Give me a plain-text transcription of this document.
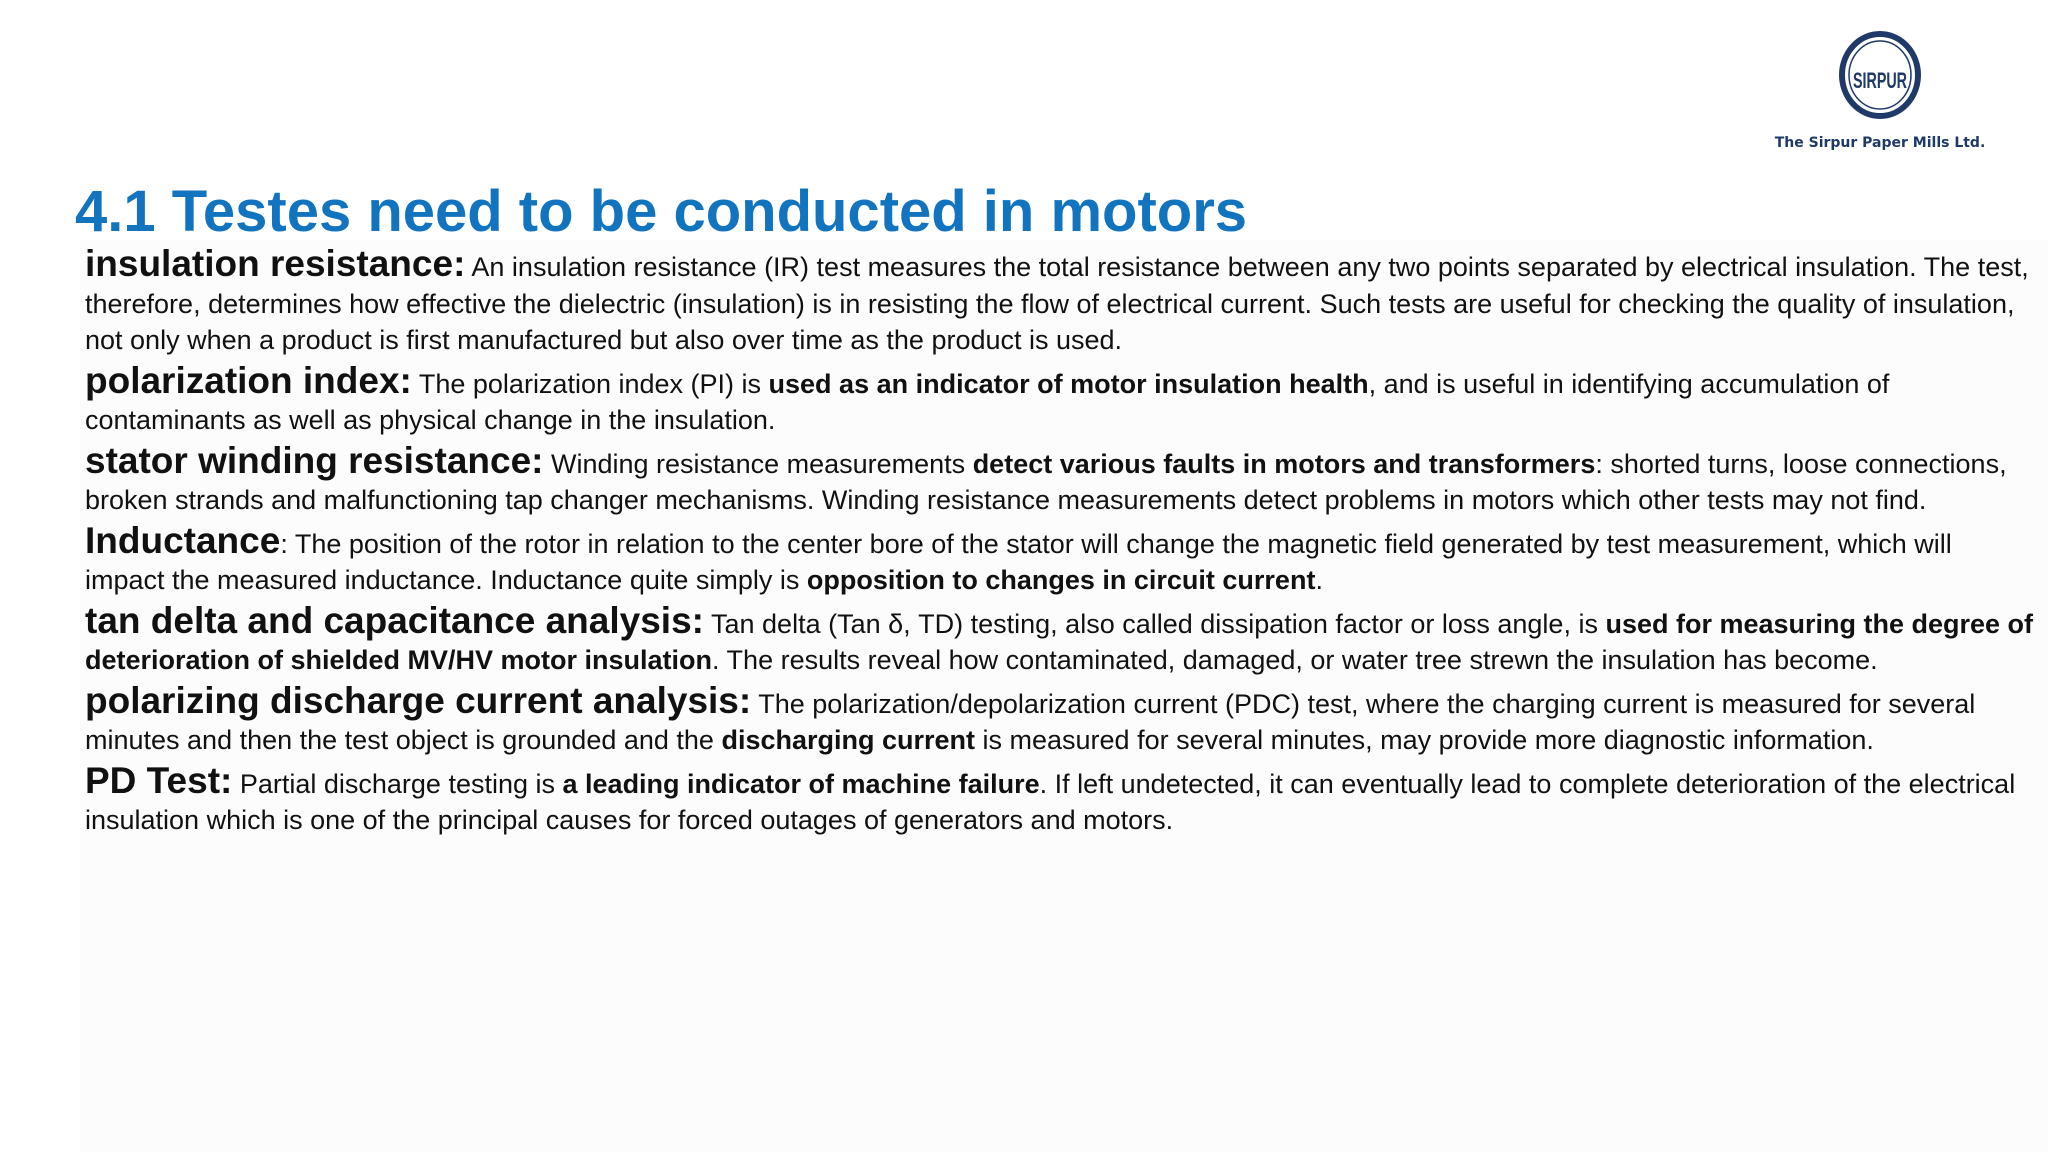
SIRPUR
The Sirpur Paper Mills Ltd.
4.1 Testes need to be conducted in motors

insulation resistance: An insulation resistance (IR) test measures the total resistance between any two points separated by electrical insulation. The test, therefore, determines how effective the dielectric (insulation) is in resisting the flow of electrical current. Such tests are useful for checking the quality of insulation, not only when a product is first manufactured but also over time as the product is used.

polarization index: The polarization index (PI) is used as an indicator of motor insulation health, and is useful in identifying accumulation of contaminants as well as physical change in the insulation.

stator winding resistance: Winding resistance measurements detect various faults in motors and transformers: shorted turns, loose connections, broken strands and malfunctioning tap changer mechanisms. Winding resistance measurements detect problems in motors which other tests may not find.

Inductance: The position of the rotor in relation to the center bore of the stator will change the magnetic field generated by test measurement, which will impact the measured inductance. Inductance quite simply is opposition to changes in circuit current.

tan delta and capacitance analysis: Tan delta (Tan δ, TD) testing, also called dissipation factor or loss angle, is used for measuring the degree of deterioration of shielded MV/HV motor insulation. The results reveal how contaminated, damaged, or water tree strewn the insulation has become.

polarizing discharge current analysis: The polarization/depolarization current (PDC) test, where the charging current is measured for several minutes and then the test object is grounded and the discharging current is measured for several minutes, may provide more diagnostic information.

PD Test: Partial discharge testing is a leading indicator of machine failure. If left undetected, it can eventually lead to complete deterioration of the electrical insulation which is one of the principal causes for forced outages of generators and motors.
